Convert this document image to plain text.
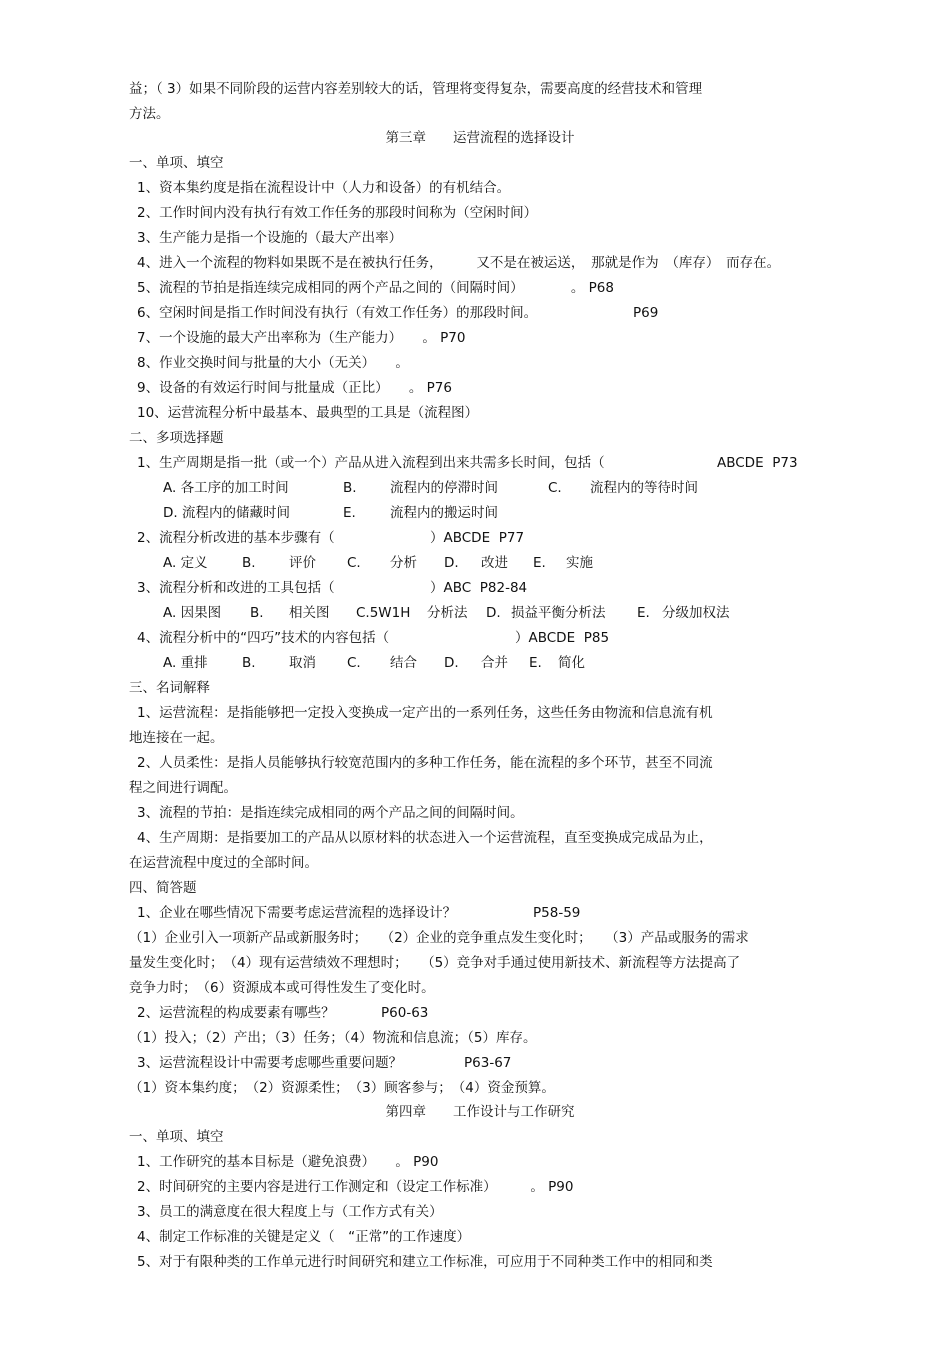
益；（ 3）如果不同阶段的运营内容差别较大的话，管理将变得复杂，需要高度的经营技术和管理
方法。
第三章　　运营流程的选择设计
一、单项、填空
1、资本集约度是指在流程设计中（人力和设备）的有机结合。
2、工作时间内没有执行有效工作任务的那段时间称为（空闲时间）
3、生产能力是指一个设施的（最大产出率）
4、进入一个流程的物料如果既不是在被执行任务，　　　又不是在被运送，　那就是作为　（库存）　而存在。
5、流程的节拍是指连续完成相同的两个产品之间的（间隔时间）　　　　。 P68
6、空闲时间是指工作时间没有执行（有效工作任务）的那段时间。	P69
7、一个设施的最大产出率称为（生产能力）　　。 P70
8、作业交换时间与批量的大小（无关）　　。
9、设备的有效运行时间与批量成（正比）　　。 P76
10、运营流程分析中最基本、最典型的工具是（流程图）
二、多项选择题
1、生产周期是指一批（或一个）产品从进入流程到出来共需多长时间，包括（	ABCDE P73
A. 各工序的加工时间	B. 流程内的停滞时间	C. 流程内的等待时间
D. 流程内的储藏时间	E.	流程内的搬运时间
2、流程分析改进的基本步骤有（	）ABCDE P77
A. 定义	B. 评价 C. 分析 D. 改进 E. 实施
3、流程分析和改进的工具包括（	）ABC P82-84
A. 因果图 B. 相关图 C.5W1H 分析法 D. 损益平衡分析法 E. 分级加权法
4、流程分析中的“四巧”技术的内容包括（	）ABCDE P85
A. 重排	B. 取消 C. 结合 D. 合并 E. 简化
三、名词解释
1、运营流程：是指能够把一定投入变换成一定产出的一系列任务，这些任务由物流和信息流有机
地连接在一起。
2、人员柔性：是指人员能够执行较宽范围内的多种工作任务，能在流程的多个环节，甚至不同流
程之间进行调配。
3、流程的节拍：是指连续完成相同的两个产品之间的间隔时间。
4、生产周期：是指要加工的产品从以原材料的状态进入一个运营流程，直至变换成完成品为止，
在运营流程中度过的全部时间。
四、简答题
1、企业在哪些情况下需要考虑运营流程的选择设计？	P58-59
（1）企业引入一项新产品或新服务时；　　（2）企业的竞争重点发生变化时；　　（3）产品或服务的需求
量发生变化时；　（4）现有运营绩效不理想时；　　（5）竞争对手通过使用新技术、新流程等方法提高了
竞争力时；　（6）资源成本或可得性发生了变化时。
2、运营流程的构成要素有哪些？	P60-63
（1）投入；（2）产出；（3）任务；（4）物流和信息流；（5）库存。
3、运营流程设计中需要考虑哪些重要问题？	P63-67
（1）资本集约度；　（2）资源柔性；　（3）顾客参与；　（4）资金预算。
第四章　　工作设计与工作研究
一、单项、填空
1、工作研究的基本目标是（避免浪费）　　。 P90
2、时间研究的主要内容是进行工作测定和（设定工作标准）　　　。 P90
3、员工的满意度在很大程度上与（工作方式有关）
4、制定工作标准的关键是定义（　“正常”的工作速度）
5、对于有限种类的工作单元进行时间研究和建立工作标准，可应用于不同种类工作中的相同和类
